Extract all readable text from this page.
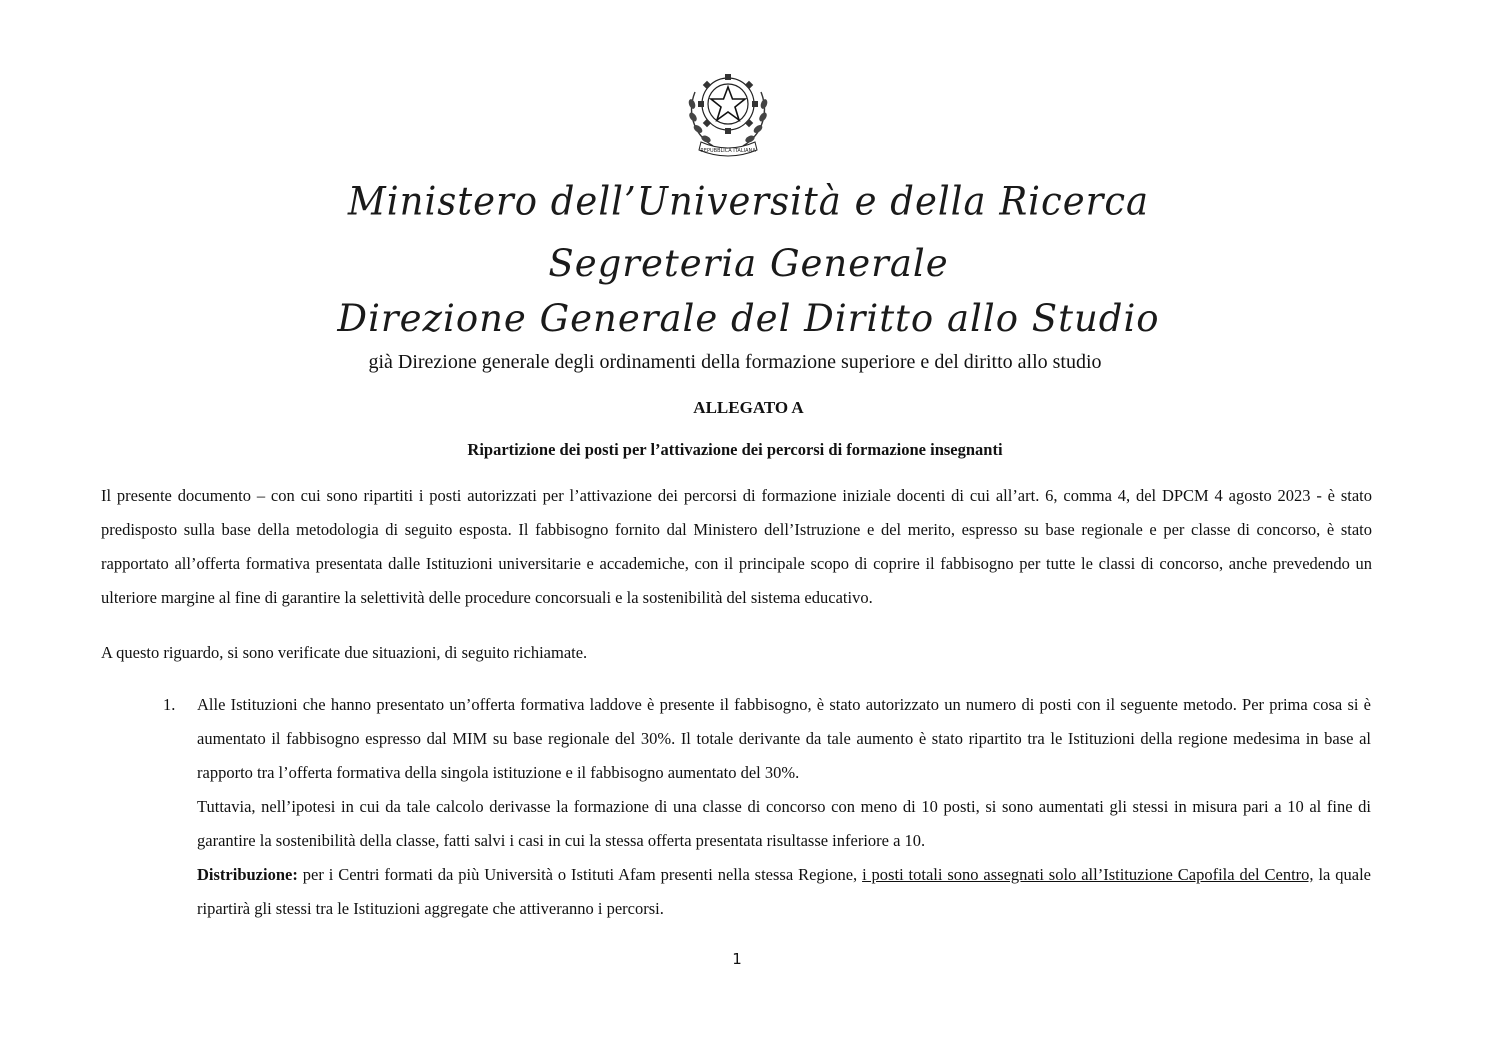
REPUBBLICA ITALIANA
Ministero dell’Università e della Ricerca
Segreteria Generale
Direzione Generale del Diritto allo Studio
già Direzione generale degli ordinamenti della formazione superiore e del diritto allo studio
ALLEGATO A
Ripartizione dei posti per l’attivazione dei percorsi di formazione insegnanti

Il presente documento – con cui sono ripartiti i posti autorizzati per l’attivazione dei percorsi di formazione iniziale docenti di cui all’art. 6, comma 4, del DPCM 4 agosto 2023 - è stato predisposto sulla base della metodologia di seguito esposta. Il fabbisogno fornito dal Ministero dell’Istruzione e del merito, espresso su base regionale e per classe di concorso, è stato rapportato all’offerta formativa presentata dalle Istituzioni universitarie e accademiche, con il principale scopo di coprire il fabbisogno per tutte le classi di concorso, anche prevedendo un ulteriore margine al fine di garantire la selettività delle procedure concorsuali e la sostenibilità del sistema educativo.

A questo riguardo, si sono verificate due situazioni, di seguito richiamate.

1. Alle Istituzioni che hanno presentato un’offerta formativa laddove è presente il fabbisogno, è stato autorizzato un numero di posti con il seguente metodo. Per prima cosa si è aumentato il fabbisogno espresso dal MIM su base regionale del 30%. Il totale derivante da tale aumento è stato ripartito tra le Istituzioni della regione medesima in base al rapporto tra l’offerta formativa della singola istituzione e il fabbisogno aumentato del 30%.

Tuttavia, nell’ipotesi in cui da tale calcolo derivasse la formazione di una classe di concorso con meno di 10 posti, si sono aumentati gli stessi in misura pari a 10 al fine di garantire la sostenibilità della classe, fatti salvi i casi in cui la stessa offerta presentata risultasse inferiore a 10.

Distribuzione: per i Centri formati da più Università o Istituti Afam presenti nella stessa Regione, i posti totali sono assegnati solo all’Istituzione Capofila del Centro, la quale ripartirà gli stessi tra le Istituzioni aggregate che attiveranno i percorsi.

1
